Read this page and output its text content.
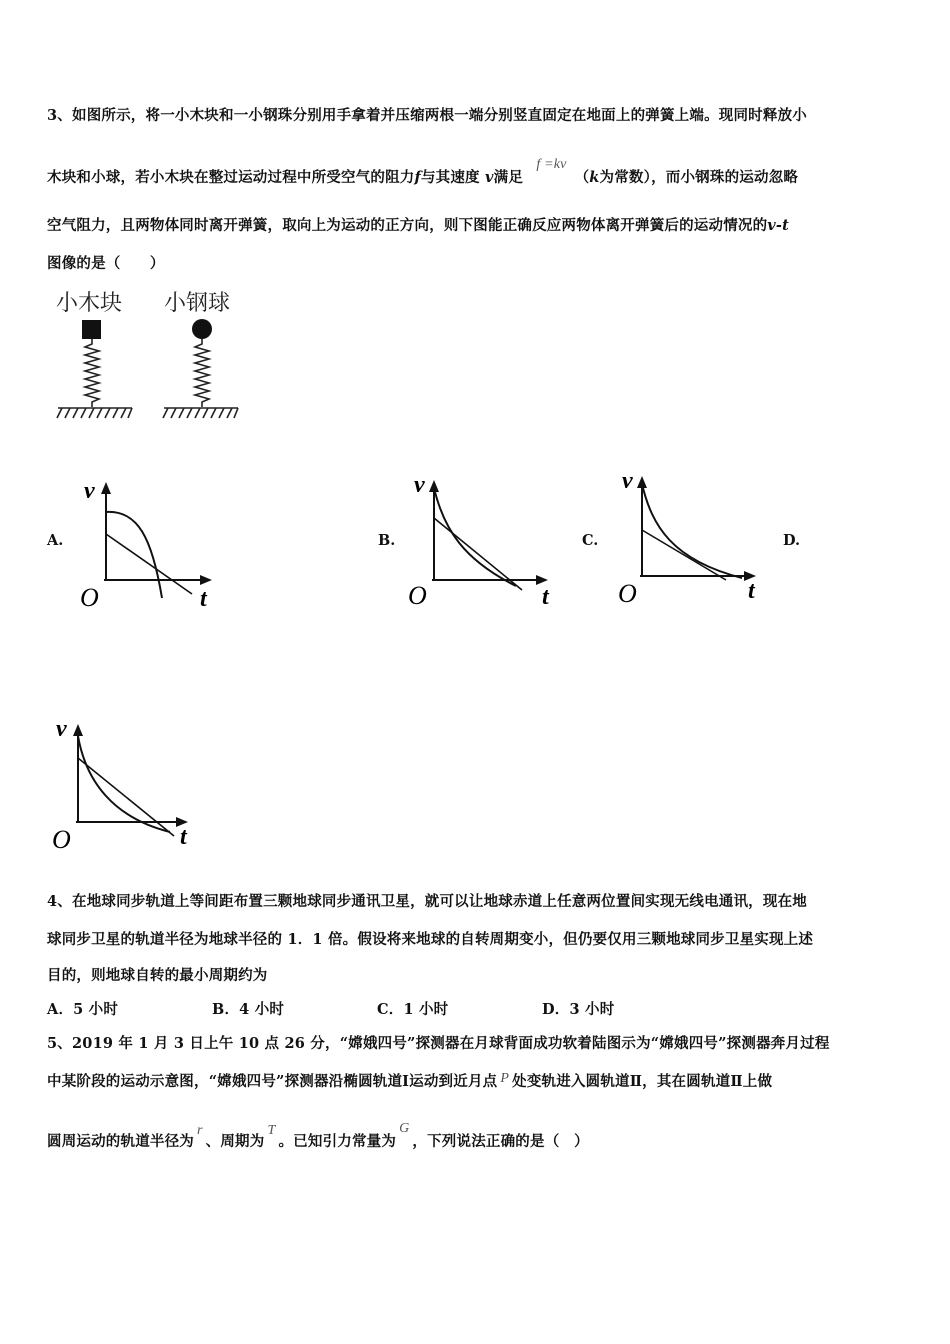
3、如图所示，将一小木块和一小钢珠分别用手拿着并压缩两根一端分别竖直固定在地面上的弹簧上端。现同时释放小
木块和小球，若小木块在整过运动过程中所受空气的阻力f与其速度 v满足 f =kv（k为常数），而小钢珠的运动忽略
空气阻力，且两物体同时离开弹簧，取向上为运动的正方向，则下图能正确反应两物体离开弹簧后的运动情况的v-t
图像的是（　　）
小木块 小钢球
A.	B.	C.	D.
v
O	t
v
O	t
v
O	t
v
O	t
4、在地球同步轨道上等间距布置三颗地球同步通讯卫星，就可以让地球赤道上任意两位置间实现无线电通讯，现在地
球同步卫星的轨道半径为地球半径的 1．1 倍。假设将来地球的自转周期变小，但仍要仅用三颗地球同步卫星实现上述
目的，则地球自转的最小周期约为
A．5 小时	B．4 小时	C．1 小时	D．3 小时
5、2019 年 1 月 3 日上午 10 点 26 分，“嫦娥四号”探测器在月球背面成功软着陆图示为“嫦娥四号”探测器奔月过程
中某阶段的运动示意图，“嫦娥四号”探测器沿椭圆轨道Ⅰ运动到近月点 P 处变轨进入圆轨道Ⅱ，其在圆轨道Ⅱ上做
圆周运动的轨道半径为r、周期为T。已知引力常量为G，下列说法正确的是（　）
